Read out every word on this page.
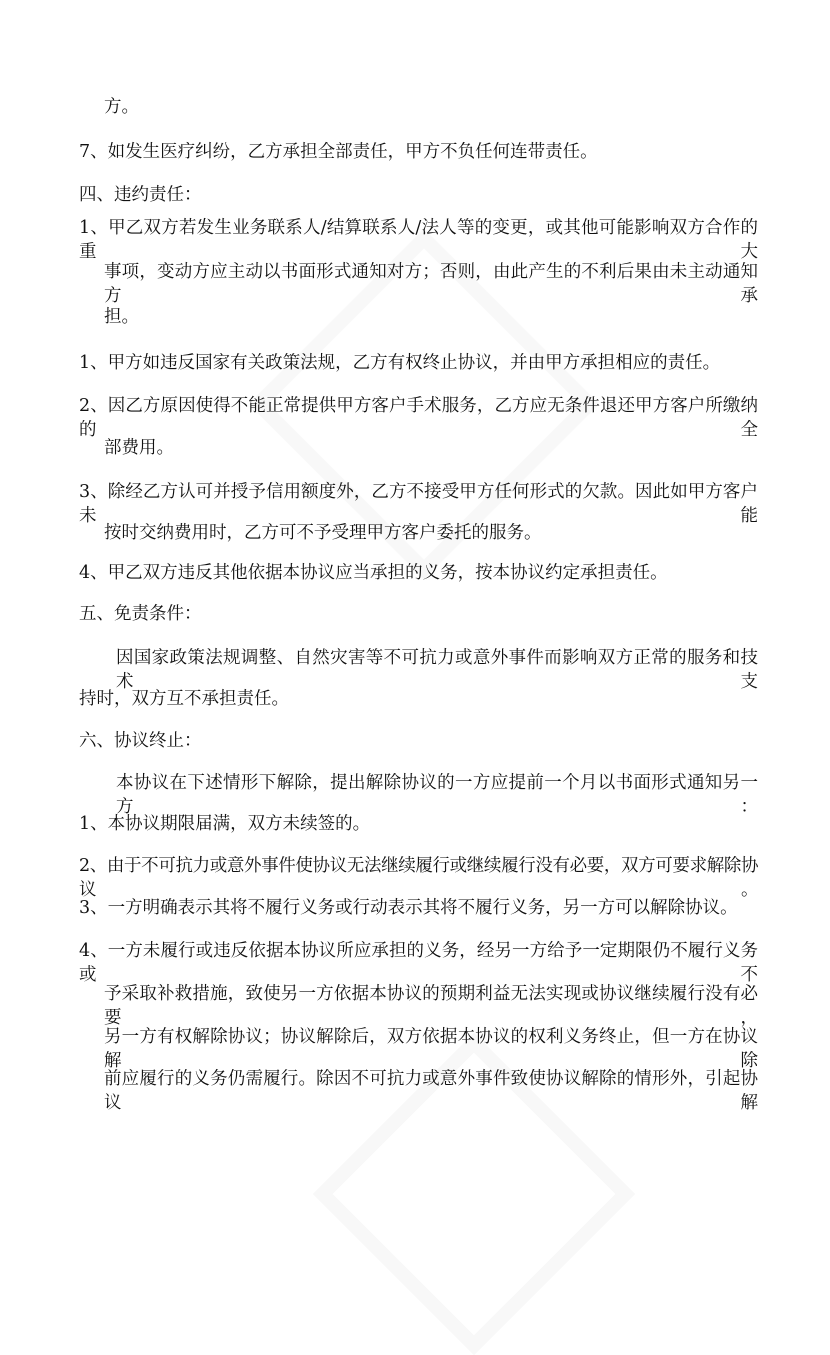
方。
7、如发生医疗纠纷，乙方承担全部责任，甲方不负任何连带责任。
四、违约责任：
1、甲乙双方若发生业务联系人/结算联系人/法人等的变更，或其他可能影响双方合作的重大
事项，变动方应主动以书面形式通知对方；否则，由此产生的不利后果由未主动通知方承
担。
1、甲方如违反国家有关政策法规，乙方有权终止协议，并由甲方承担相应的责任。
2、因乙方原因使得不能正常提供甲方客户手术服务，乙方应无条件退还甲方客户所缴纳的全
部费用。
3、除经乙方认可并授予信用额度外，乙方不接受甲方任何形式的欠款。因此如甲方客户未能
按时交纳费用时，乙方可不予受理甲方客户委托的服务。
4、甲乙双方违反其他依据本协议应当承担的义务，按本协议约定承担责任。
五、免责条件：
因国家政策法规调整、自然灾害等不可抗力或意外事件而影响双方正常的服务和技术支
持时，双方互不承担责任。
六、协议终止：
本协议在下述情形下解除，提出解除协议的一方应提前一个月以书面形式通知另一方：
1、本协议期限届满，双方未续签的。
2、由于不可抗力或意外事件使协议无法继续履行或继续履行没有必要，双方可要求解除协议。
3、一方明确表示其将不履行义务或行动表示其将不履行义务，另一方可以解除协议。
4、一方未履行或违反依据本协议所应承担的义务，经另一方给予一定期限仍不履行义务或不
予采取补救措施，致使另一方依据本协议的预期利益无法实现或协议继续履行没有必要，
另一方有权解除协议；协议解除后，双方依据本协议的权利义务终止，但一方在协议解除
前应履行的义务仍需履行。除因不可抗力或意外事件致使协议解除的情形外，引起协议解
